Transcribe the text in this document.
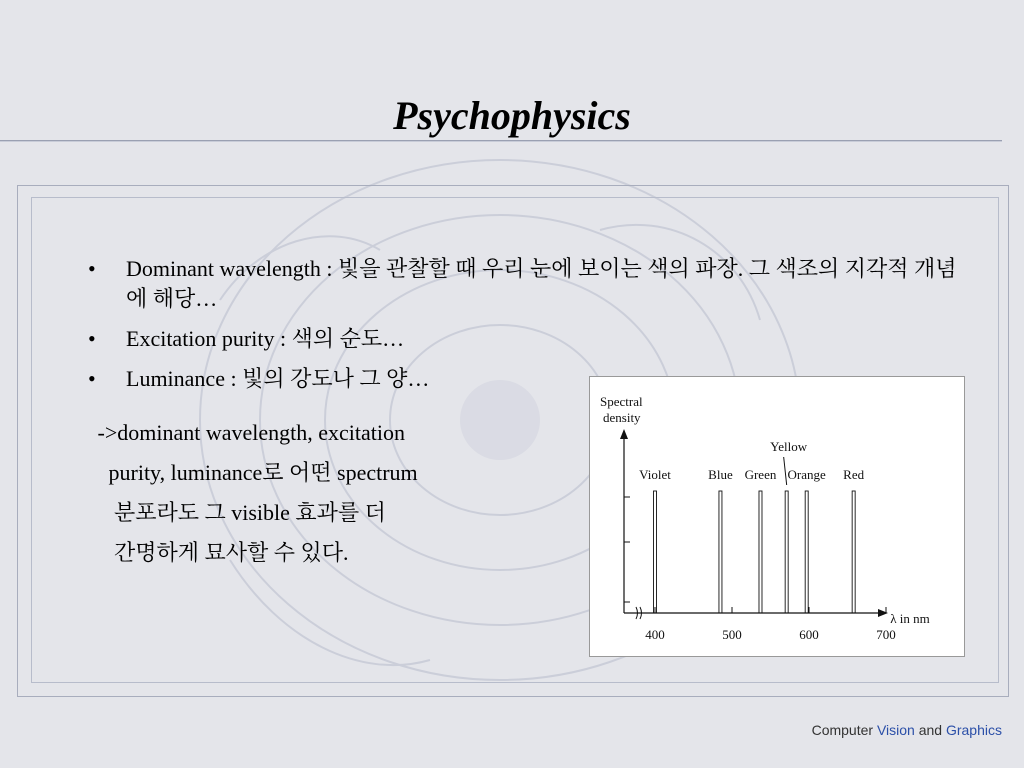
Psychophysics
• Dominant wavelength : 빛을 관찰할 때 우리 눈에 보이는 색의 파장. 그 색조의 지각적 개념에 해당…
• Excitation purity : 색의 순도…
• Luminance : 빛의 강도나 그 양…
->dominant wavelength, excitation
purity, luminance로 어떤 spectrum
분포라도 그 visible 효과를 더
간명하게 묘사할 수 있다.
Spectral
density
λ in nm
400	500	600	700
Violet	Blue Green
Yellow
Orange Red
Computer Vision and Graphics
